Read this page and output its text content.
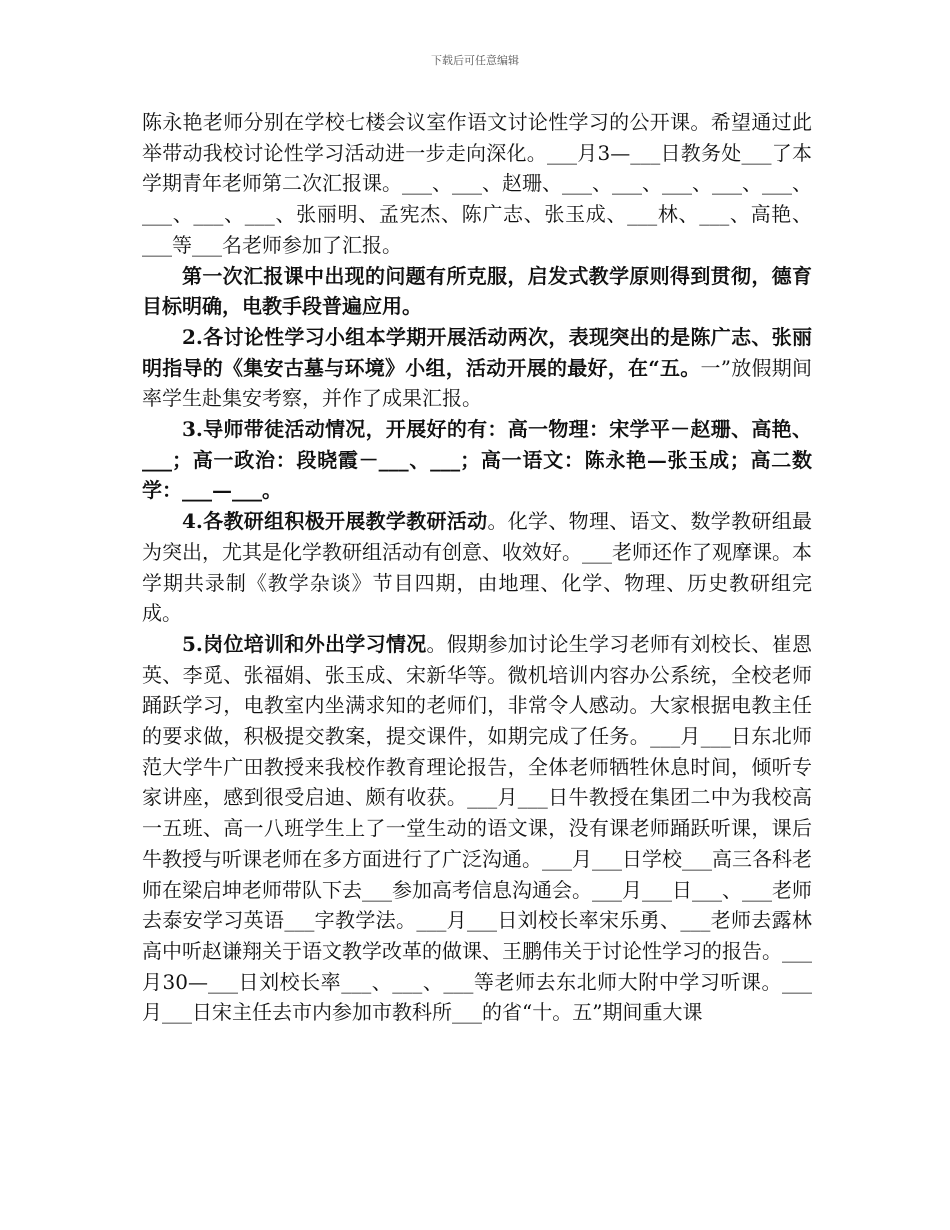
下载后可任意编辑

陈永艳老师分别在学校七楼会议室作语文讨论性学习的公开课。希望通过此举带动我校讨论性学习活动进一步走向深化。___月3—___日教务处___了本学期青年老师第二次汇报课。___、___、赵珊、___、___、___、___、___、___、___、___、张丽明、孟宪杰、陈广志、张玉成、___林、___、高艳、___等___名老师参加了汇报。

第一次汇报课中出现的问题有所克服，启发式教学原则得到贯彻，德育目标明确，电教手段普遍应用。

2.各讨论性学习小组本学期开展活动两次，表现突出的是陈广志、张丽明指导的《集安古墓与环境》小组，活动开展的最好，在“五。一”放假期间率学生赴集安考察，并作了成果汇报。

3.导师带徒活动情况，开展好的有：高一物理：宋学平－赵珊、高艳、___；高一政治：段晓霞－___、___；高一语文：陈永艳—张玉成；高二数学：___—___。

4.各教研组积极开展教学教研活动。化学、物理、语文、数学教研组最为突出，尤其是化学教研组活动有创意、收效好。___老师还作了观摩课。本学期共录制《教学杂谈》节目四期，由地理、化学、物理、历史教研组完成。

5.岗位培训和外出学习情况。假期参加讨论生学习老师有刘校长、崔恩英、李觅、张福娟、张玉成、宋新华等。微机培训内容办公系统，全校老师踊跃学习，电教室内坐满求知的老师们，非常令人感动。大家根据电教主任的要求做，积极提交教案，提交课件，如期完成了任务。___月___日东北师范大学牛广田教授来我校作教育理论报告，全体老师牺牲休息时间，倾听专家讲座，感到很受启迪、颇有收获。___月___日牛教授在集团二中为我校高一五班、高一八班学生上了一堂生动的语文课，没有课老师踊跃听课，课后牛教授与听课老师在多方面进行了广泛沟通。___月___日学校___高三各科老师在梁启坤老师带队下去___参加高考信息沟通会。___月___日___、___老师去泰安学习英语___字教学法。___月___日刘校长率宋乐勇、___老师去露林高中听赵谦翔关于语文教学改革的做课、王鹏伟关于讨论性学习的报告。___月30—___日刘校长率___、___、___等老师去东北师大附中学习听课。___月___日宋主任去市内参加市教科所___的省“十。五”期间重大课
